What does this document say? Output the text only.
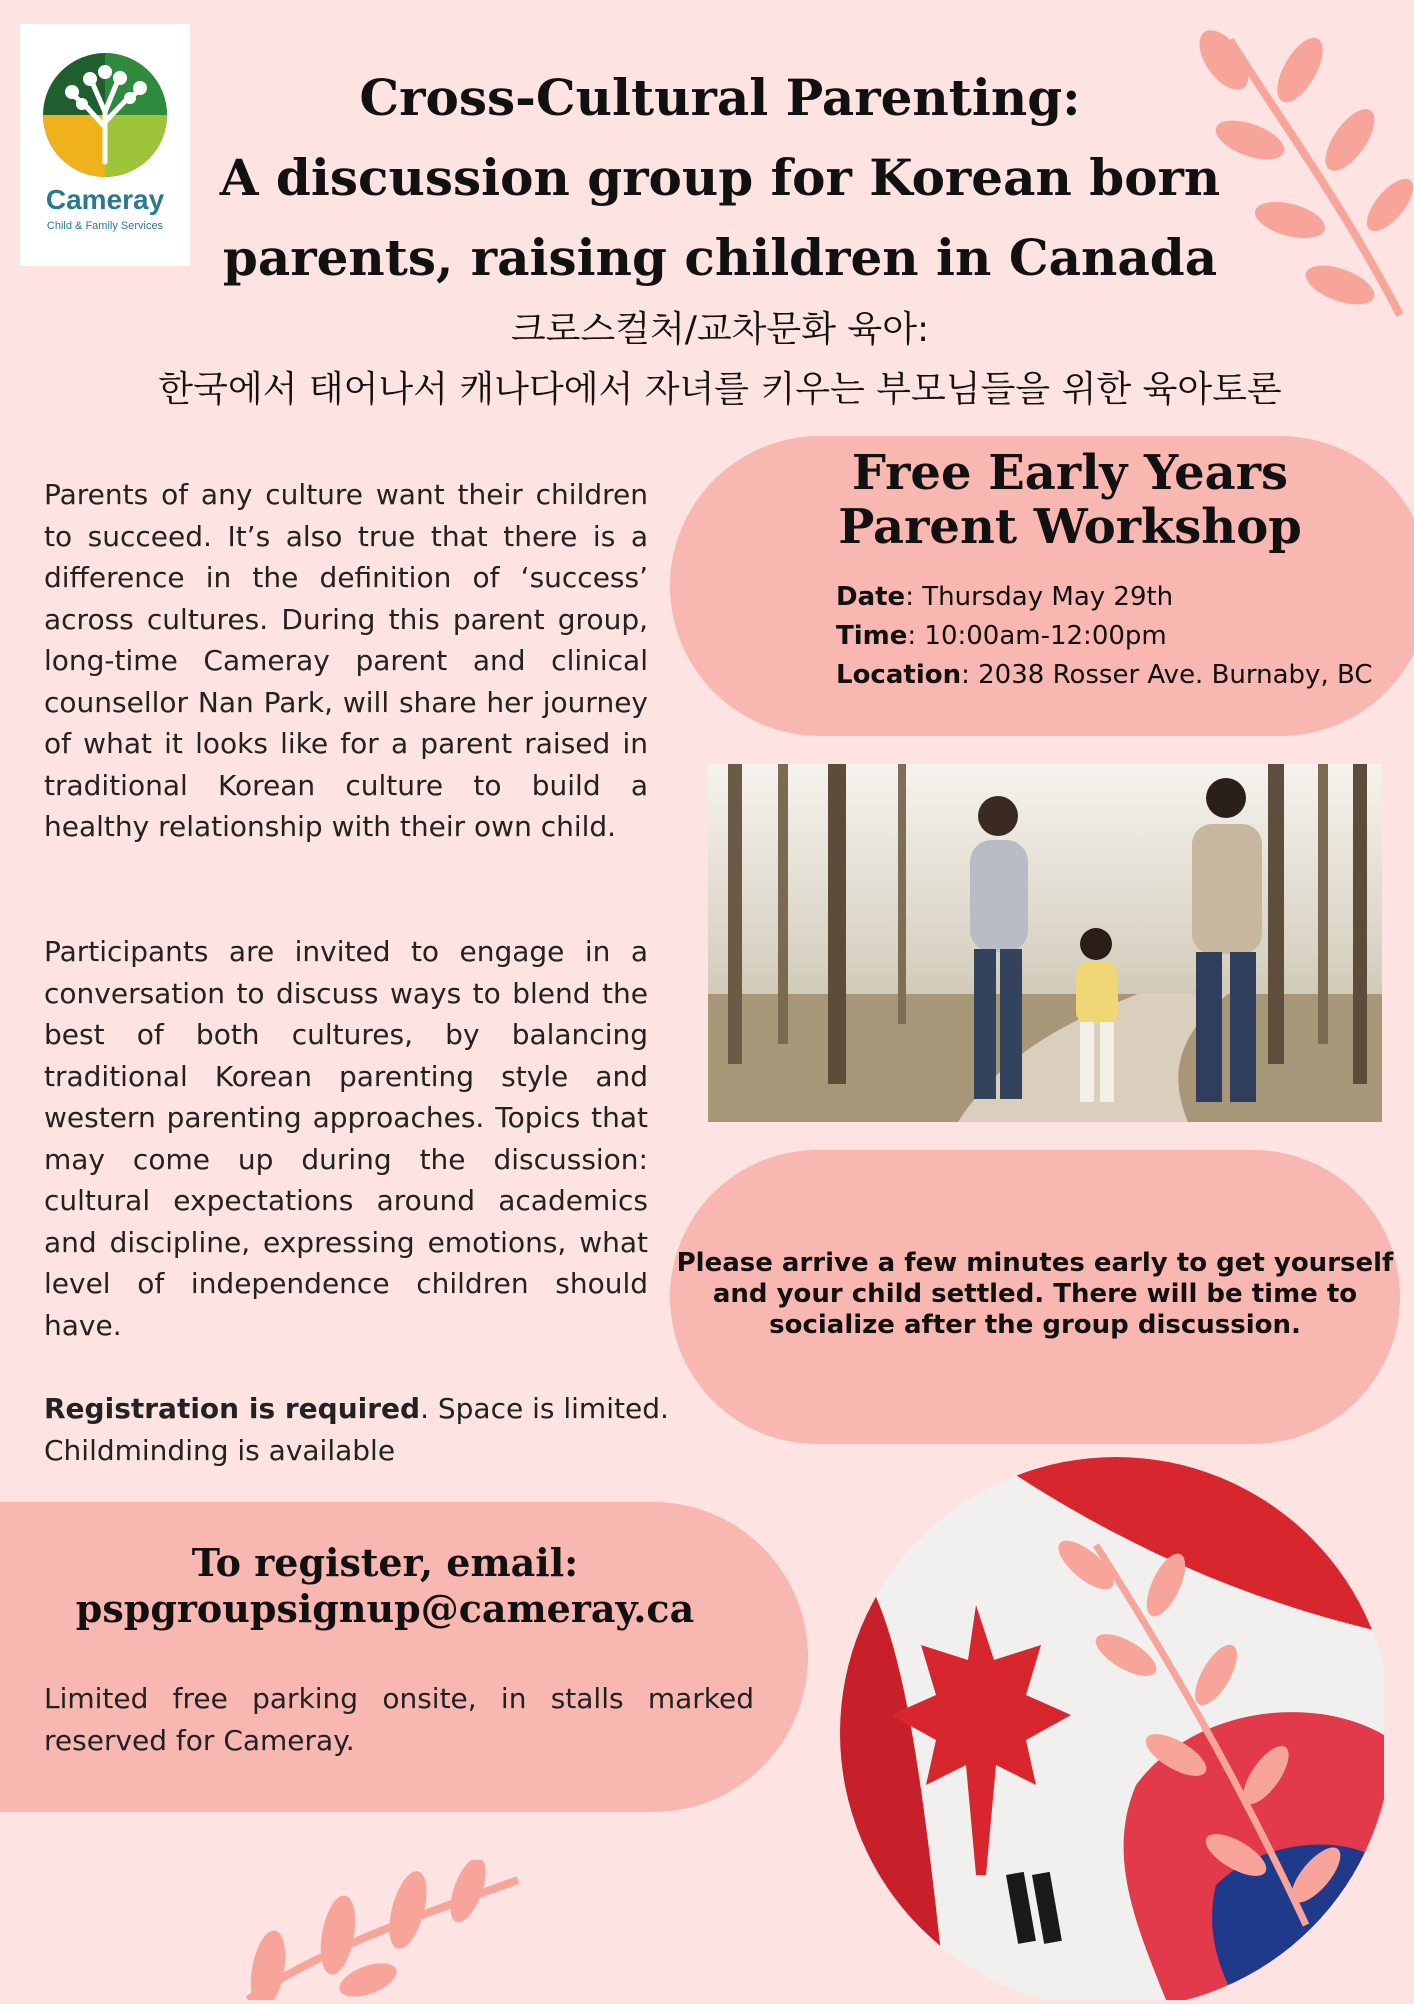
Cameray
Child & Family Services
Cross-Cultural Parenting:
A discussion group for Korean born
parents, raising children in Canada
크로스컬처/교차문화 육아:
한국에서 태어나서 캐나다에서 자녀를 키우는 부모님들을 위한 육아토론
Parents of any culture want their children to succeed. It’s also true that there is a difference in the definition of ‘success’ across cultures. During this parent group, long-time Cameray parent and clinical counsellor Nan Park, will share her journey of what it looks like for a parent raised in traditional Korean culture to build a healthy relationship with their own child.
Participants are invited to engage in a conversation to discuss ways to blend the best of both cultures, by balancing traditional Korean parenting style and western parenting approaches. Topics that may come up during the discussion: cultural expectations around academics and discipline, expressing emotions, what level of independence children should have.
Registration is required. Space is limited.
Childminding is available
Free Early Years
Parent Workshop
Date: Thursday May 29th
Time: 10:00am-12:00pm
Location: 2038 Rosser Ave. Burnaby, BC
Please arrive a few minutes early to get yourself
and your child settled. There will be time to
socialize after the group discussion.
To register, email:
pspgroupsignup@cameray.ca
Limited free parking onsite, in stalls marked reserved for Cameray.
